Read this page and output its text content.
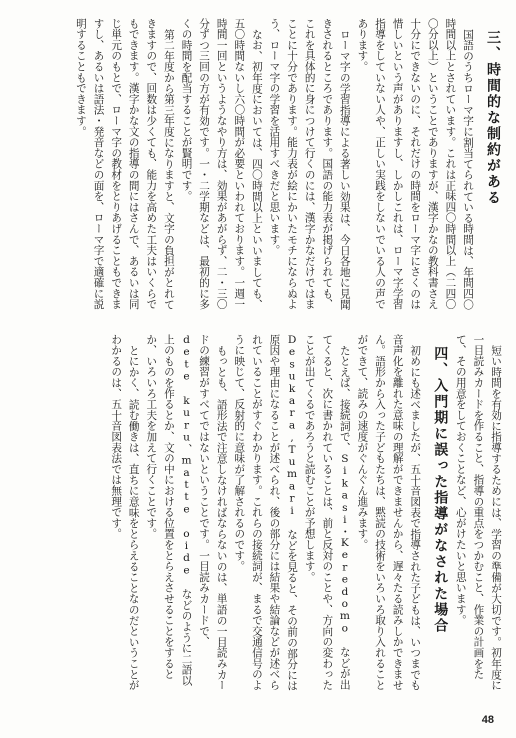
三、時間的な制約がある

国語のうちローマ字に割当てられている時間は、年間四〇時間以上とされています。これは正味四〇時間以上（二四〇〇分以上）ということでありますが、漢字かなの教科書さえ十分にできないのに、それだけの時間をローマ字にさくのは惜しいという声がありますし、しかしこれは、ローマ字学習指導をしていない人や、正しい実践をしないでいる人の声であります。

ローマ字の学習指導による著しい効果は、今日各地に見聞きされるところであります。国語の能力表が掲げられても、これを具体的に身につけて行くのには、漢字かなだけではまことに十分であります。能力表が絵にかいたモチにならぬよう、ローマ字の学習を活用すべきだと思います。

なお、初年度においては、四〇時間以上といいましても、五〇時間ないし六〇時間が必要といわれております。一週一時間一回というようなやり方は、効果があがらず、二・三〇分ずつ三回の方が有効です。一・二学期などは、最初的に多くの時間を配当することが賢明です。

第二年度から第三年度になりますと、文字の負担がとれてきますので、回数は少くても、能力を高めた工夫はいくらでもできます。漢字かな文の指導の間にはさんで、あるいは同じ単元のもとで、ローマ字の教材をとりあげることもできますし、あるいは語法・発音などの面を、ローマ字で適確に説明することもできます。

短い時間を有効に指導するためには、学習の準備が大切です。初年度に一目読みカードを作ること、指導の重点をつかむこと、作業の計画をたて、その用意をしておくことなど、心がけたいと思います。

四、入門期に誤った指導がなされた場合

初めにも述べましたが、五十音図表で指導された子どもは、いつまでも音声化を離れた意味の理解ができませんから、遅々たる読みしかできません。語形から入った子どもたちは、黙読の技術をいろいろ取り入れることができて、読みの速度がぐんぐん進みます。

たとえば、接続詞で、Sikasi・Keredomo などが出てくると、次に書かれていることは、前と反対のことや、方向の変わったことが出てくるであろうと読むことが予想します。Desukara,Tumari などを見ると、その前の部分には原因や理由になることが述べられ、後の部分には結果や結論などが述べられていることがすぐわかります。これらの接続詞が、まるで交通信号のように映じて、反射的に意味が了解されるのです。

もっとも、語形法で注意しなければならないのは、単語の一目読みカードの練習がすべてではないということです。一目読みカードで、dete kuru、matte oide などのように二語以上のものを作るとか、文の中における位置をとらえさせることをするとか、いろいろ工夫を加えて行くことです。

とにかく、読む働きは、直ちに意味をとらえることなのだということがわかるのは、五十音図表法では無理です。

48
